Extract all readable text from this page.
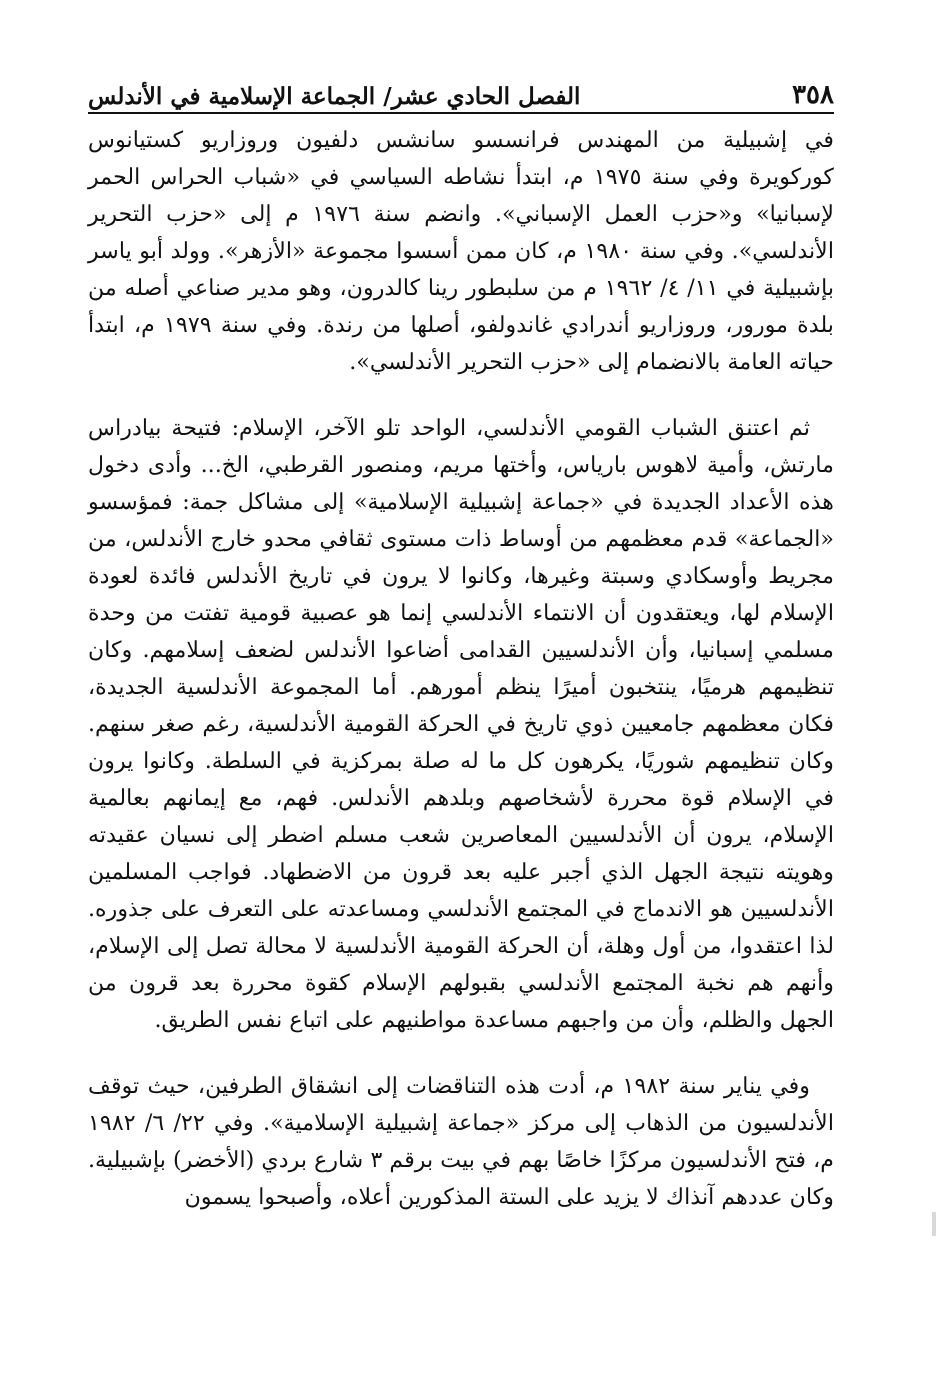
٣٥٨
الفصل الحادي عشر/ الجماعة الإسلامية في الأندلس

في إشبيلية من المهندس فرانسسو سانشس دلفيون وروزاريو كستيانوس كوركويرة وفي سنة ١٩٧٥ م، ابتدأ نشاطه السياسي في «شباب الحراس الحمر لإسبانيا» و«حزب العمل الإسباني». وانضم سنة ١٩٧٦ م إلى «حزب التحرير الأندلسي». وفي سنة ١٩٨٠ م، كان ممن أسسوا مجموعة «الأزهر». وولد أبو ياسر بإشبيلية في ١١/ ٤/ ١٩٦٢ م من سلبطور رينا كالدرون، وهو مدير صناعي أصله من بلدة مورور، وروزاريو أندرادي غاندولفو، أصلها من رندة. وفي سنة ١٩٧٩ م، ابتدأ حياته العامة بالانضمام إلى «حزب التحرير الأندلسي».

ثم اعتنق الشباب القومي الأندلسي، الواحد تلو الآخر، الإسلام: فتيحة بيادراس مارتش، وأمية لاهوس بارياس، وأختها مريم، ومنصور القرطبي، الخ... وأدى دخول هذه الأعداد الجديدة في «جماعة إشبيلية الإسلامية» إلى مشاكل جمة: فمؤسسو «الجماعة» قدم معظمهم من أوساط ذات مستوى ثقافي محدو خارج الأندلس، من مجريط وأوسكادي وسبتة وغيرها، وكانوا لا يرون في تاريخ الأندلس فائدة لعودة الإسلام لها، ويعتقدون أن الانتماء الأندلسي إنما هو عصبية قومية تفتت من وحدة مسلمي إسبانيا، وأن الأندلسيين القدامى أضاعوا الأندلس لضعف إسلامهم. وكان تنظيمهم هرميًا، ينتخبون أميرًا ينظم أمورهم. أما المجموعة الأندلسية الجديدة، فكان معظمهم جامعيين ذوي تاريخ في الحركة القومية الأندلسية، رغم صغر سنهم. وكان تنظيمهم شوريًا، يكرهون كل ما له صلة بمركزية في السلطة. وكانوا يرون في الإسلام قوة محررة لأشخاصهم وبلدهم الأندلس. فهم، مع إيمانهم بعالمية الإسلام، يرون أن الأندلسيين المعاصرين شعب مسلم اضطر إلى نسيان عقيدته وهويته نتيجة الجهل الذي أجبر عليه بعد قرون من الاضطهاد. فواجب المسلمين الأندلسيين هو الاندماج في المجتمع الأندلسي ومساعدته على التعرف على جذوره. لذا اعتقدوا، من أول وهلة، أن الحركة القومية الأندلسية لا محالة تصل إلى الإسلام، وأنهم هم نخبة المجتمع الأندلسي بقبولهم الإسلام كقوة محررة بعد قرون من الجهل والظلم، وأن من واجبهم مساعدة مواطنيهم على اتباع نفس الطريق.

وفي يناير سنة ١٩٨٢ م، أدت هذه التناقضات إلى انشقاق الطرفين، حيث توقف الأندلسيون من الذهاب إلى مركز «جماعة إشبيلية الإسلامية». وفي ٢٢/ ٦/ ١٩٨٢ م، فتح الأندلسيون مركزًا خاصًا بهم في بيت برقم ٣ شارع بردي (الأخضر) بإشبيلية. وكان عددهم آنذاك لا يزيد على الستة المذكورين أعلاه، وأصبحوا يسمون
